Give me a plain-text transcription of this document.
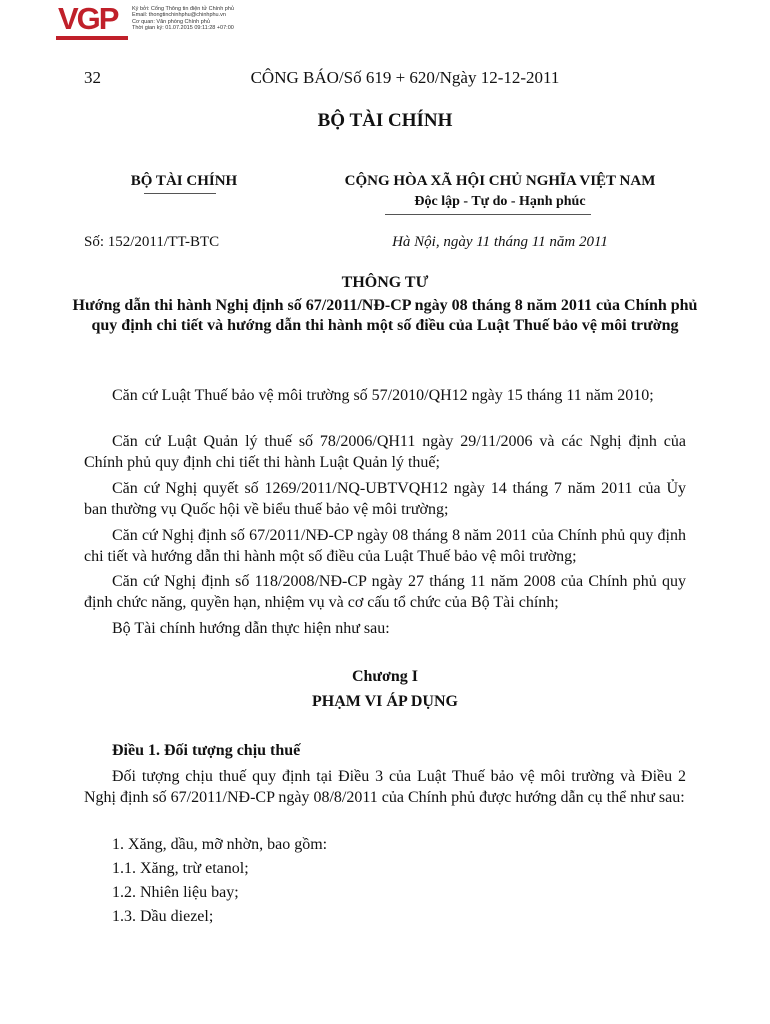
VGP	Ký bởi: Cổng Thông tin điện tử Chính phủ
Email: thongtinchinhphu@chinhphu.vn
Cơ quan: Văn phòng Chính phủ
Thời gian ký: 01.07.2015 09:11:28 +07:00
32	CÔNG BÁO/Số 619 + 620/Ngày 12-12-2011
BỘ TÀI CHÍNH
BỘ TÀI CHÍNH	CỘNG HÒA XÃ HỘI CHỦ NGHĨA VIỆT NAM
Độc lập - Tự do - Hạnh phúc
Số: 152/2011/TT-BTC	Hà Nội, ngày 11 tháng 11 năm 2011
THÔNG TƯ
Hướng dẫn thi hành Nghị định số 67/2011/NĐ-CP ngày 08 tháng 8 năm 2011 của Chính phủ quy định chi tiết và hướng dẫn thi hành một số điều của Luật Thuế bảo vệ môi trường
Căn cứ Luật Thuế bảo vệ môi trường số 57/2010/QH12 ngày 15 tháng 11 năm 2010;
Căn cứ Luật Quản lý thuế số 78/2006/QH11 ngày 29/11/2006 và các Nghị định của Chính phủ quy định chi tiết thi hành Luật Quản lý thuế;
Căn cứ Nghị quyết số 1269/2011/NQ-UBTVQH12 ngày 14 tháng 7 năm 2011 của Ủy ban thường vụ Quốc hội về biểu thuế bảo vệ môi trường;
Căn cứ Nghị định số 67/2011/NĐ-CP ngày 08 tháng 8 năm 2011 của Chính phủ quy định chi tiết và hướng dẫn thi hành một số điều của Luật Thuế bảo vệ môi trường;
Căn cứ Nghị định số 118/2008/NĐ-CP ngày 27 tháng 11 năm 2008 của Chính phủ quy định chức năng, quyền hạn, nhiệm vụ và cơ cấu tổ chức của Bộ Tài chính;
Bộ Tài chính hướng dẫn thực hiện như sau:
Chương I
PHẠM VI ÁP DỤNG
Điều 1. Đối tượng chịu thuế
Đối tượng chịu thuế quy định tại Điều 3 của Luật Thuế bảo vệ môi trường và Điều 2 Nghị định số 67/2011/NĐ-CP ngày 08/8/2011 của Chính phủ được hướng dẫn cụ thể như sau:
1. Xăng, dầu, mỡ nhờn, bao gồm:
1.1. Xăng, trừ etanol;
1.2. Nhiên liệu bay;
1.3. Dầu diezel;
